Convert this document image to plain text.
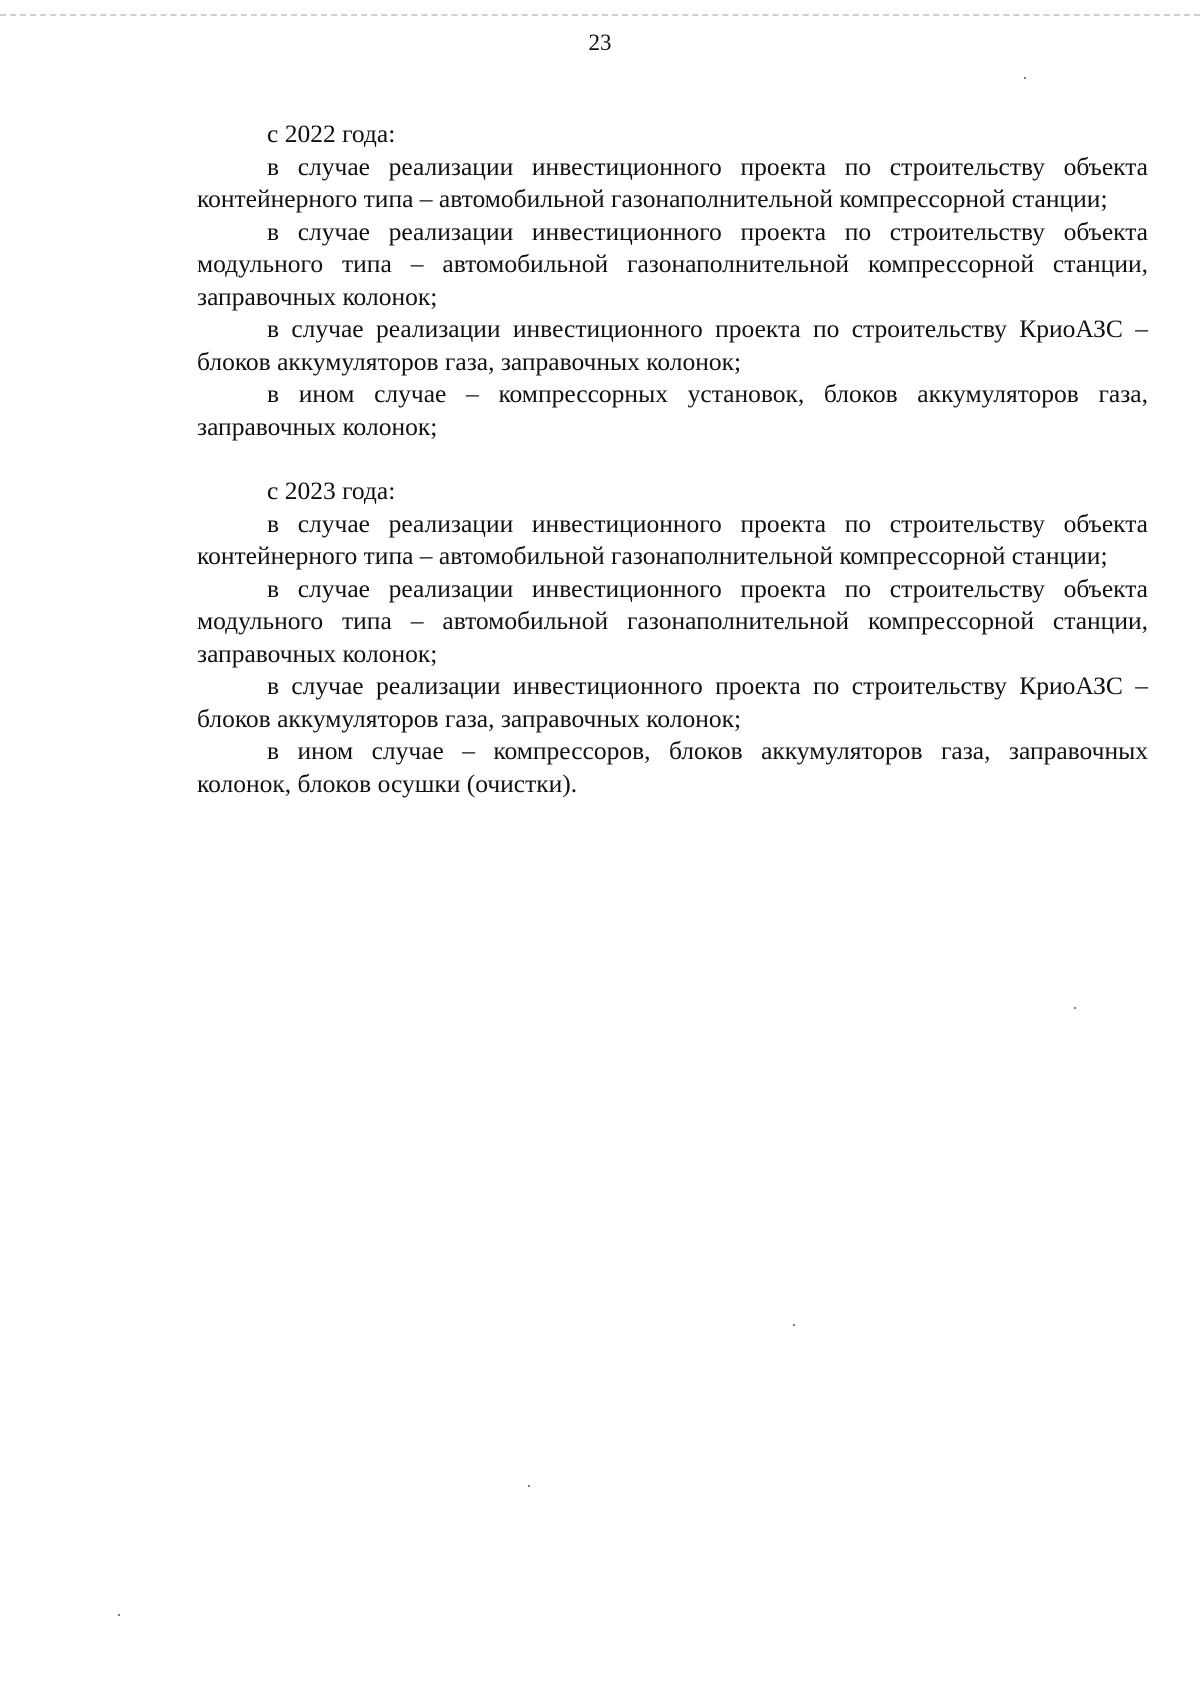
23

с 2022 года:

в случае реализации инвестиционного проекта по строительству объекта контейнерного типа – автомобильной газонаполнительной компрессорной станции;

в случае реализации инвестиционного проекта по строительству объекта модульного типа – автомобильной газонаполнительной компрессорной станции, заправочных колонок;

в случае реализации инвестиционного проекта по строительству КриоАЗС – блоков аккумуляторов газа, заправочных колонок;

в ином случае – компрессорных установок, блоков аккумуляторов газа, заправочных колонок;

с 2023 года:

в случае реализации инвестиционного проекта по строительству объекта контейнерного типа – автомобильной газонаполнительной компрессорной станции;

в случае реализации инвестиционного проекта по строительству объекта модульного типа – автомобильной газонаполнительной компрессорной станции, заправочных колонок;

в случае реализации инвестиционного проекта по строительству КриоАЗС – блоков аккумуляторов газа, заправочных колонок;

в ином случае – компрессоров, блоков аккумуляторов газа, заправочных колонок, блоков осушки (очистки).
